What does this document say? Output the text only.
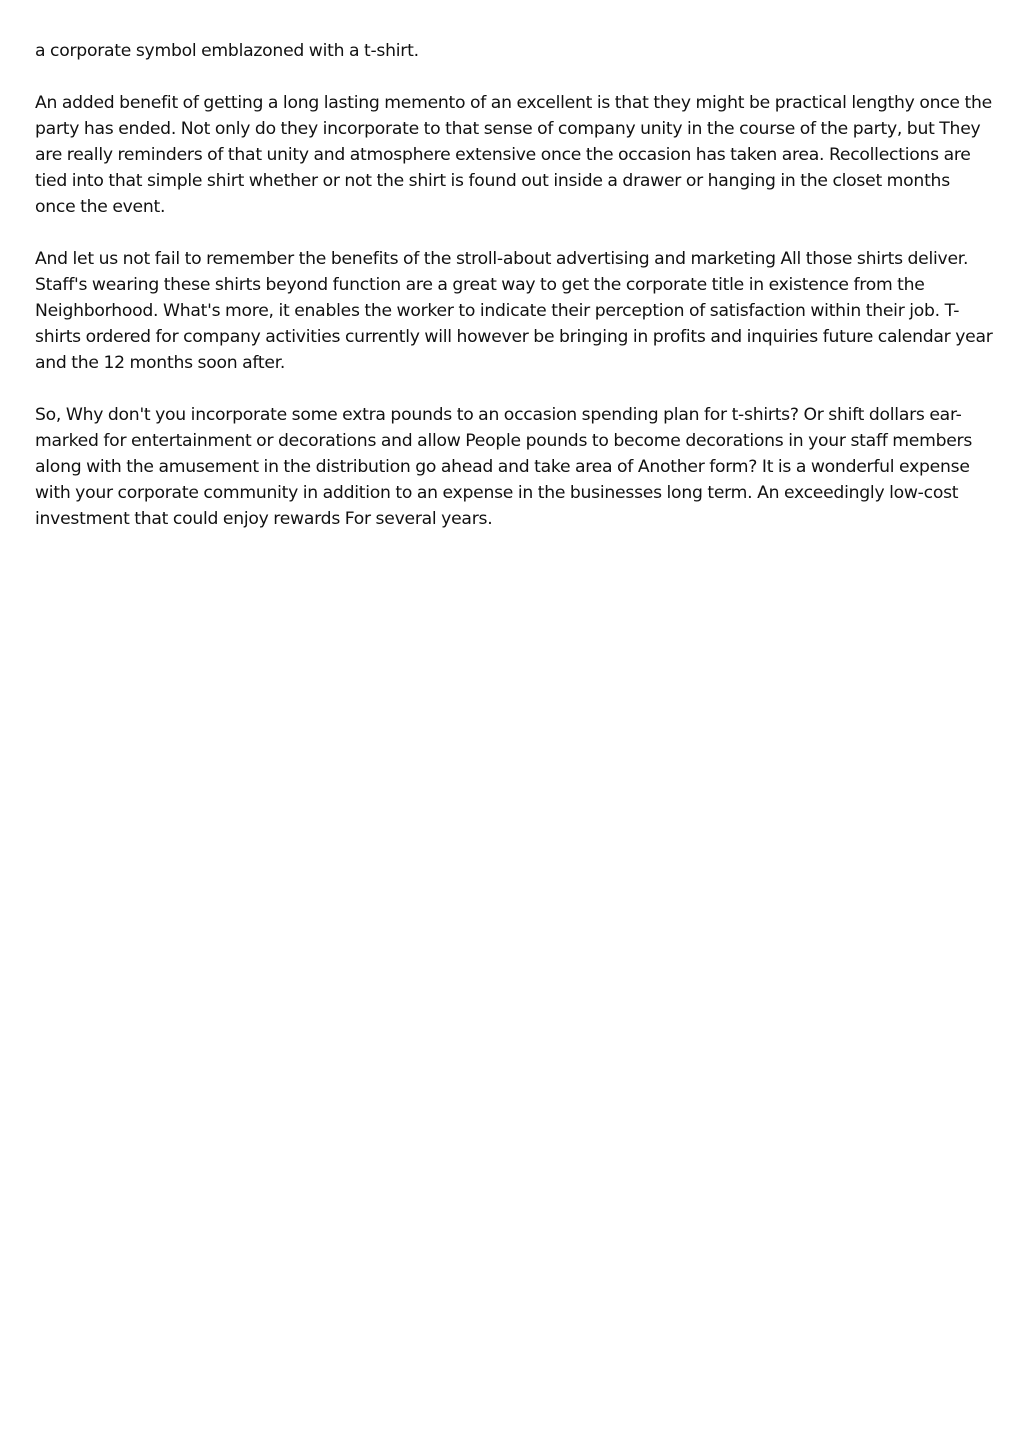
a corporate symbol emblazoned with a t-shirt.

An added benefit of getting a long lasting memento of an excellent is that they might be practical lengthy once the party has ended. Not only do they incorporate to that sense of company unity in the course of the party, but They are really reminders of that unity and atmosphere extensive once the occasion has taken area. Recollections are tied into that simple shirt whether or not the shirt is found out inside a drawer or hanging in the closet months once the event.

And let us not fail to remember the benefits of the stroll-about advertising and marketing All those shirts deliver. Staff's wearing these shirts beyond function are a great way to get the corporate title in existence from the Neighborhood. What's more, it enables the worker to indicate their perception of satisfaction within their job. T-shirts ordered for company activities currently will however be bringing in profits and inquiries future calendar year and the 12 months soon after.

So, Why don't you incorporate some extra pounds to an occasion spending plan for t-shirts? Or shift dollars ear-marked for entertainment or decorations and allow People pounds to become decorations in your staff members along with the amusement in the distribution go ahead and take area of Another form? It is a wonderful expense with your corporate community in addition to an expense in the businesses long term. An exceedingly low-cost investment that could enjoy rewards For several years.
